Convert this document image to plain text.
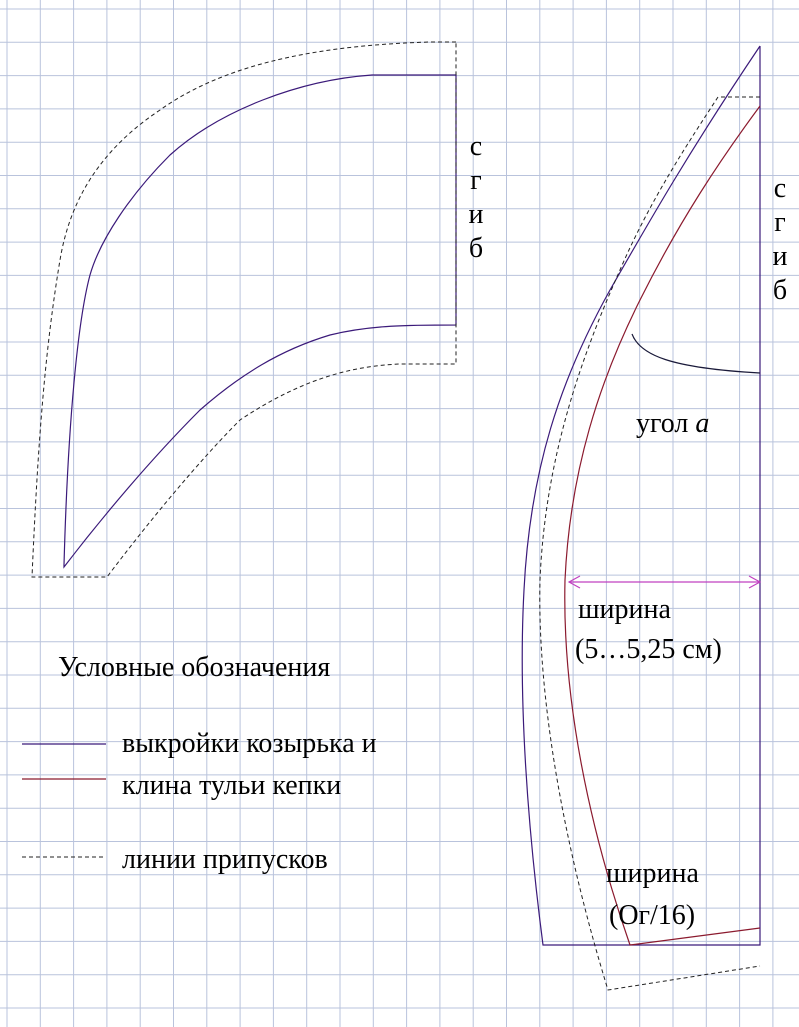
с
г
и
б
с
г
и
б
угол a
ширина
(5…5,25 см)
ширина
(Ог/16)
Условные обозначения
выкройки козырька и
клина тульи кепки
линии припусков
